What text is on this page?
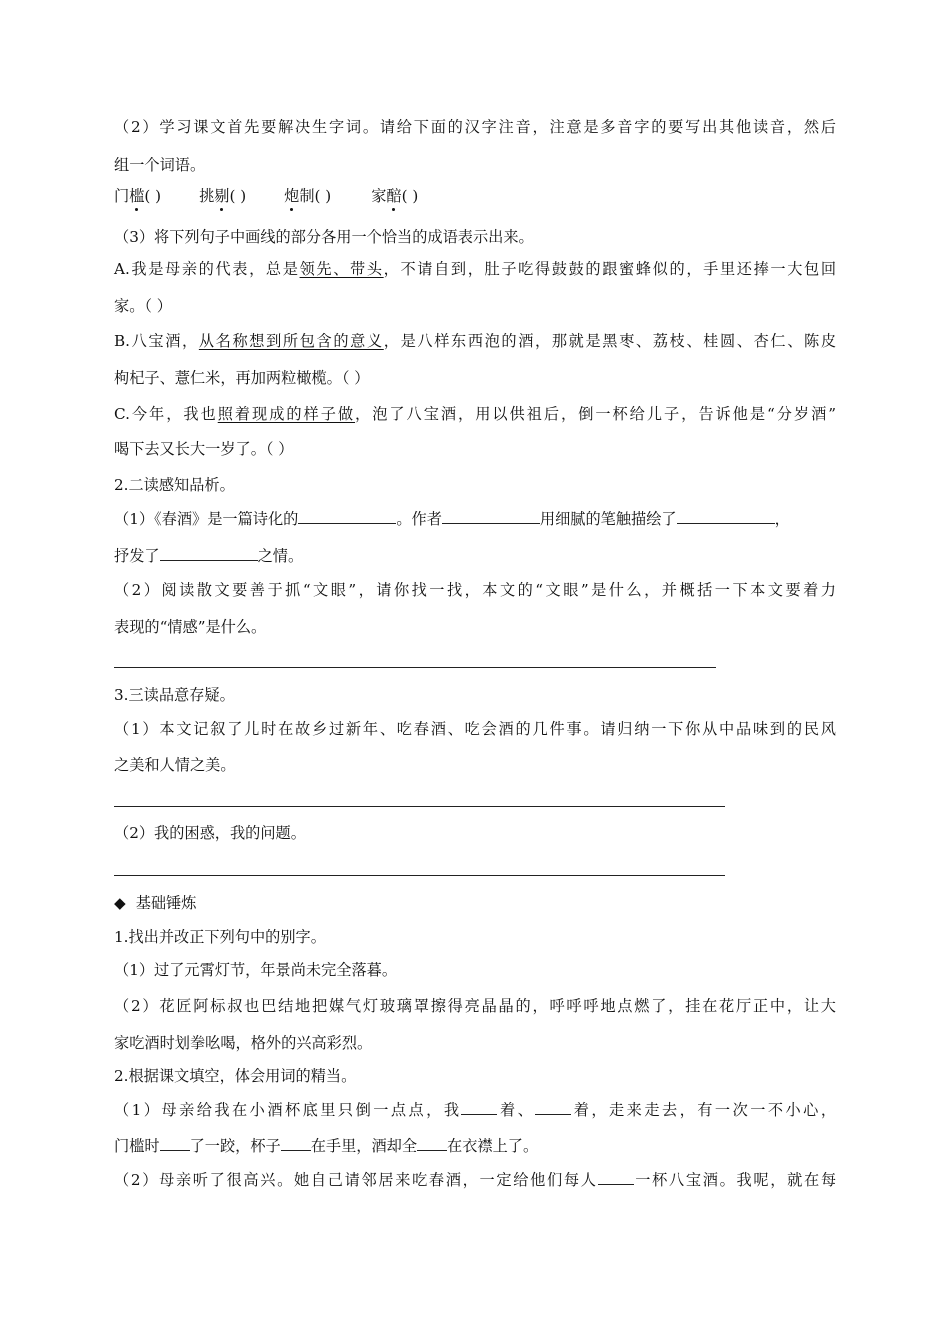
（2）学习课文首先要解决生字词。请给下面的汉字注音，注意是多音字的要写出其他读音，然后
组一个词语。
门槛( )	挑剔( )	炮制( )	家醅( )
（3）将下列句子中画线的部分各用一个恰当的成语表示出来。
A.我是母亲的代表，总是领先、带头，不请自到，肚子吃得鼓鼓的跟蜜蜂似的，手里还捧一大包回
家。（ ）
B.八宝酒，从名称想到所包含的意义，是八样东西泡的酒，那就是黑枣、荔枝、桂圆、杏仁、陈皮
枸杞子、薏仁米，再加两粒橄榄。（ ）
C.今年，我也照着现成的样子做，泡了八宝酒，用以供祖后，倒一杯给儿子，告诉他是“分岁酒”
喝下去又长大一岁了。（ ）
2.二读感知品析。
（1）《春酒》是一篇诗化的	。作者	用细腻的笔触描绘了	，
抒发了	之情。
（2）阅读散文要善于抓“文眼”，请你找一找，本文的“文眼”是什么，并概括一下本文要着力
表现的“情感”是什么。
3.三读品意存疑。
（1）本文记叙了儿时在故乡过新年、吃春酒、吃会酒的几件事。请归纳一下你从中品味到的民风
之美和人情之美。
（2）我的困惑，我的问题。
◆ 基础锤炼
1.找出并改正下列句中的别字。
（1）过了元霄灯节，年景尚未完全落暮。
（2）花匠阿标叔也巴结地把媒气灯玻璃罩擦得亮晶晶的，呼呼呼地点燃了，挂在花厅正中，让大
家吃酒时划拳吆喝，格外的兴高彩烈。
2.根据课文填空，体会用词的精当。
（1）母亲给我在小酒杯底里只倒一点点，我 着、 着，走来走去，有一次一不小心，
门槛时 了一跤，杯子 在手里，酒却全 在衣襟上了。
（2）母亲听了很高兴。她自己请邻居来吃春酒，一定给他们每人 一杯八宝酒。我呢，就在每
